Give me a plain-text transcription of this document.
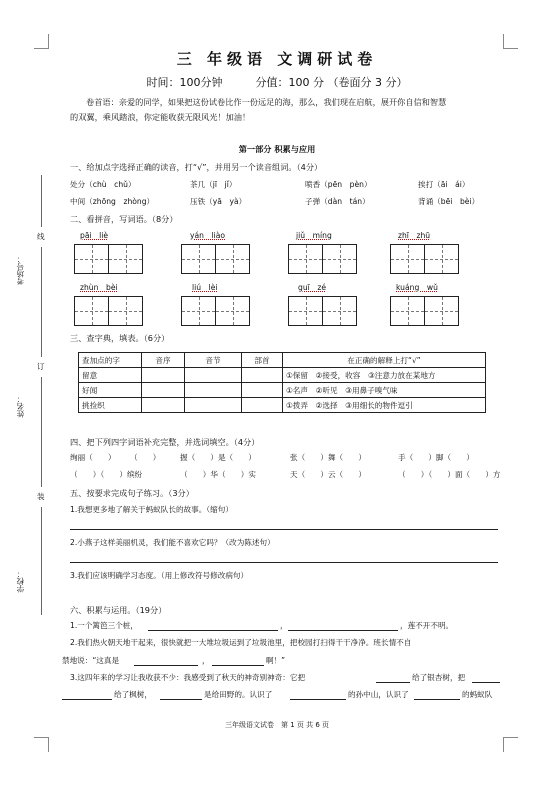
线
订
装
考场号：
姓名：
学校：
三 年级语 文调研试卷
时间：100分钟	分值：100 分 （卷面分 3 分）
卷首语：亲爱的同学，如果把这份试卷比作一份远足的海，那么，我们现在启航，展开你自信和智慧
的双翼，乘风踏浪，你定能收获无限风光！加油！
第一部分 积累与应用
一、给加点字选择正确的读音，打“√”，并用另一个读音组词。（4分）
处分（chù　chǔ）	茶几（jī　jǐ）	喷香（pēn　pèn）	挨打（āi　ái）
中间（zhōng　zhòng）	压铁（yā　yà）	子弹（dàn　tán）	背诵（bēi　bèi）
二、看拼音，写词语。（8分）
pāi　liè	yán　liào	jiǔ　míng	zhī　zhū
zhùn　bèi	liú　lèi	guī　zé	kuáng　wǔ
三、查字典，填表。（6分）
查加点的字	音序	音节	部首	在正确的解释上打“√”
留意				①保留　②接受，收容　③注意力放在某地方
好闻				①名声　②听见　③用鼻子嗅气味
挑捡织				①拨弄　②选择　③用细长的物件逗引
四、把下列四字词语补充完整，并选词填空。（4分）
绚丽（　　） （　　）	握（　　）是（　　）	张（　　）舞（　　）	手（　　）脚（　　）
（　　）（　　）缤纷	（　　）华（　　）实	天（　　）云（　　）	（　　）（　　）面（　　）方
五、按要求完成句子练习。（3分）
1.我想更多地了解关于蚂蚁队长的故事。（缩句）
2.小燕子这样美丽机灵，我们能不喜欢它吗？（改为陈述句）
3.我们应该明确学习态度。（用上修改符号修改病句）
六、积累与运用。（19分）
1.一个篱笆三个桩，	，	，莲不开不明。
2.我们热火朝天地干起来，很快就把一大堆垃圾运到了垃圾池里，把校园打扫得干干净净。班长情不自
禁地说：“这真是	，	啊！”
3.这四年来的学习让我收获不少：我感受到了秋天的神奇别神奇：它把	给了银杏树，把
给了枫树，	是给田野的。认识了	的孙中山，认识了	的蚂蚁队
三年级语文试卷　第 1 页 共 6 页
